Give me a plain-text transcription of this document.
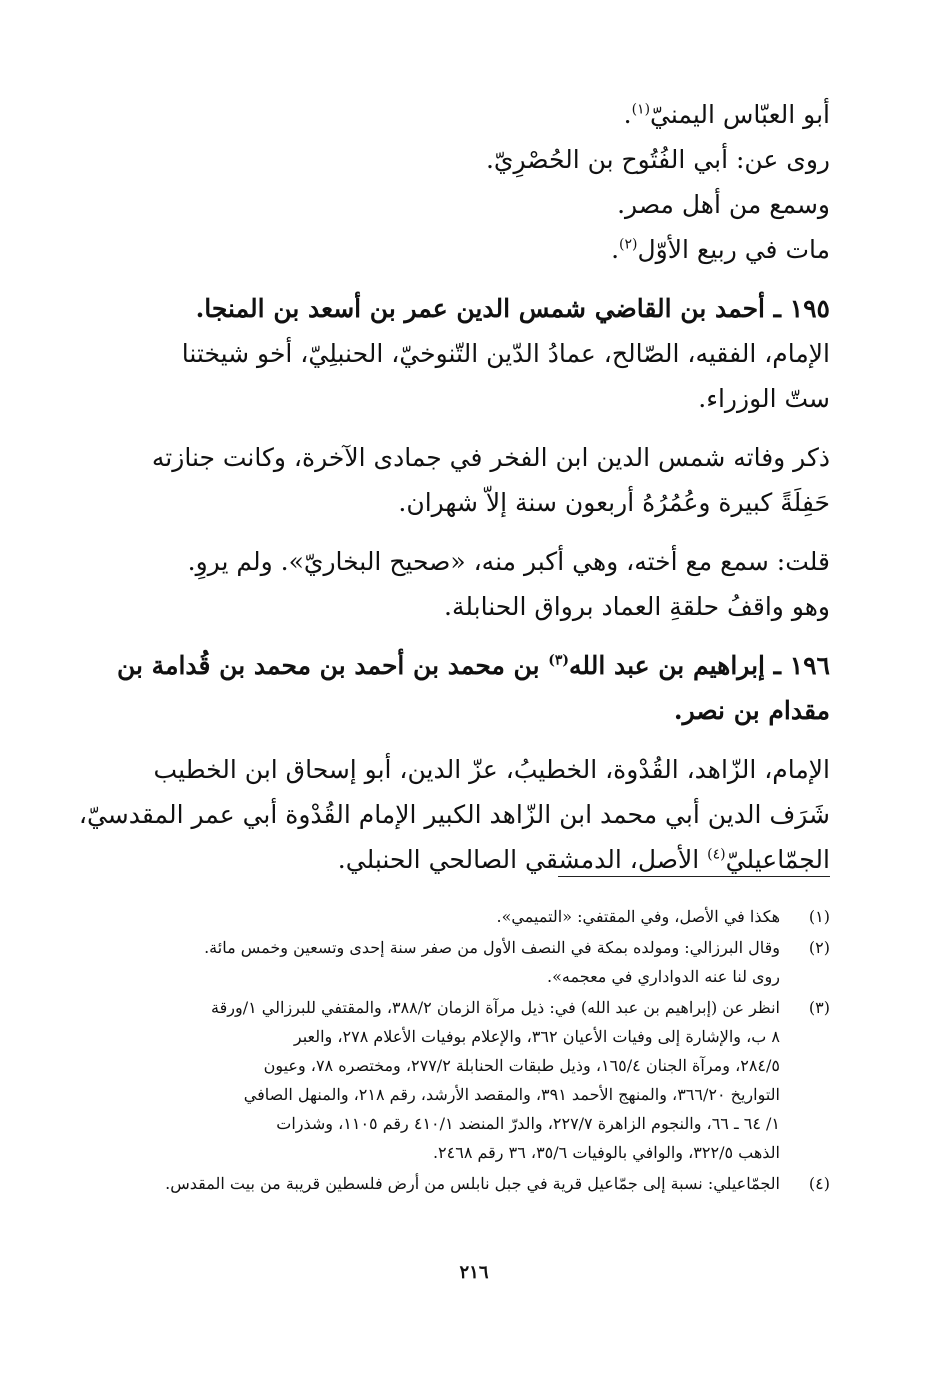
أبو العبّاس اليمنيّ$^{(١)}$.
روى عن: أبي الفُتُوح بن الحُصْرِيّ.
وسمع من أهل مصر.
مات في ربيع الأوّل$^{(٢)}$.
١٩٥ ـ أحمد بن القاضي شمس الدين عمر بن أسعد بن المنجا.
الإمام، الفقيه، الصّالح، عمادُ الدّين التّنوخيّ، الحنبلِيّ، أخو شيختنا
ستّ الوزراء.
ذكر وفاته شمس الدين ابن الفخر في جمادى الآخرة، وكانت جنازته
حَفِلَةً كبيرة وعُمُرُهُ أربعون سنة إلاّ شهران.
قلت: سمع مع أخته، وهي أكبر منه، «صحيح البخاريّ». ولم يروِ.
وهو واقفُ حلقةِ العماد برواق الحنابلة.
١٩٦ ـ إبراهيم بن عبد الله$^{(٣)}$ بن محمد بن أحمد بن محمد بن قُدامة بن
مقدام بن نصر.
الإمام، الزّاهد، القُدْوة، الخطيبُ، عزّ الدين، أبو إسحاق ابن الخطيب
شَرَف الدين أبي محمد ابن الزّاهد الكبير الإمام القُدْوة أبي عمر المقدسيّ،
الجمّاعيليّ$^{(٤)}$ الأصل، الدمشقي الصالحي الحنبلي.
(١)
هكذا في الأصل، وفي المقتفي: «التميمي».
(٢)
وقال البرزالي: ومولده بمكة في النصف الأول من صفر سنة إحدى وتسعين وخمس مائة.
روى لنا عنه الدواداري في معجمه».
(٣)
انظر عن (إبراهيم بن عبد الله) في: ذيل مرآة الزمان ٣٨٨/٢، والمقتفي للبرزالي ١/ورقة
٨ ب، والإشارة إلى وفيات الأعيان ٣٦٢، والإعلام بوفيات الأعلام ٢٧٨، والعبر
٢٨٤/٥، ومرآة الجنان ١٦٥/٤، وذيل طبقات الحنابلة ٢٧٧/٢، ومختصره ٧٨، وعيون
التواريخ ٣٦٦/٢٠، والمنهج الأحمد ٣٩١، والمقصد الأرشد، رقم ٢١٨، والمنهل الصافي
١/ ٦٤ ـ ٦٦، والنجوم الزاهرة ٢٢٧/٧، والدرّ المنضد ٤١٠/١ رقم ١١٠٥، وشذرات
الذهب ٣٢٢/٥، والوافي بالوفيات ٣٥/٦، ٣٦ رقم ٢٤٦٨.
(٤)
الجمّاعيلي: نسبة إلى جمّاعيل قرية في جبل نابلس من أرض فلسطين قريبة من بيت المقدس.
٢١٦
